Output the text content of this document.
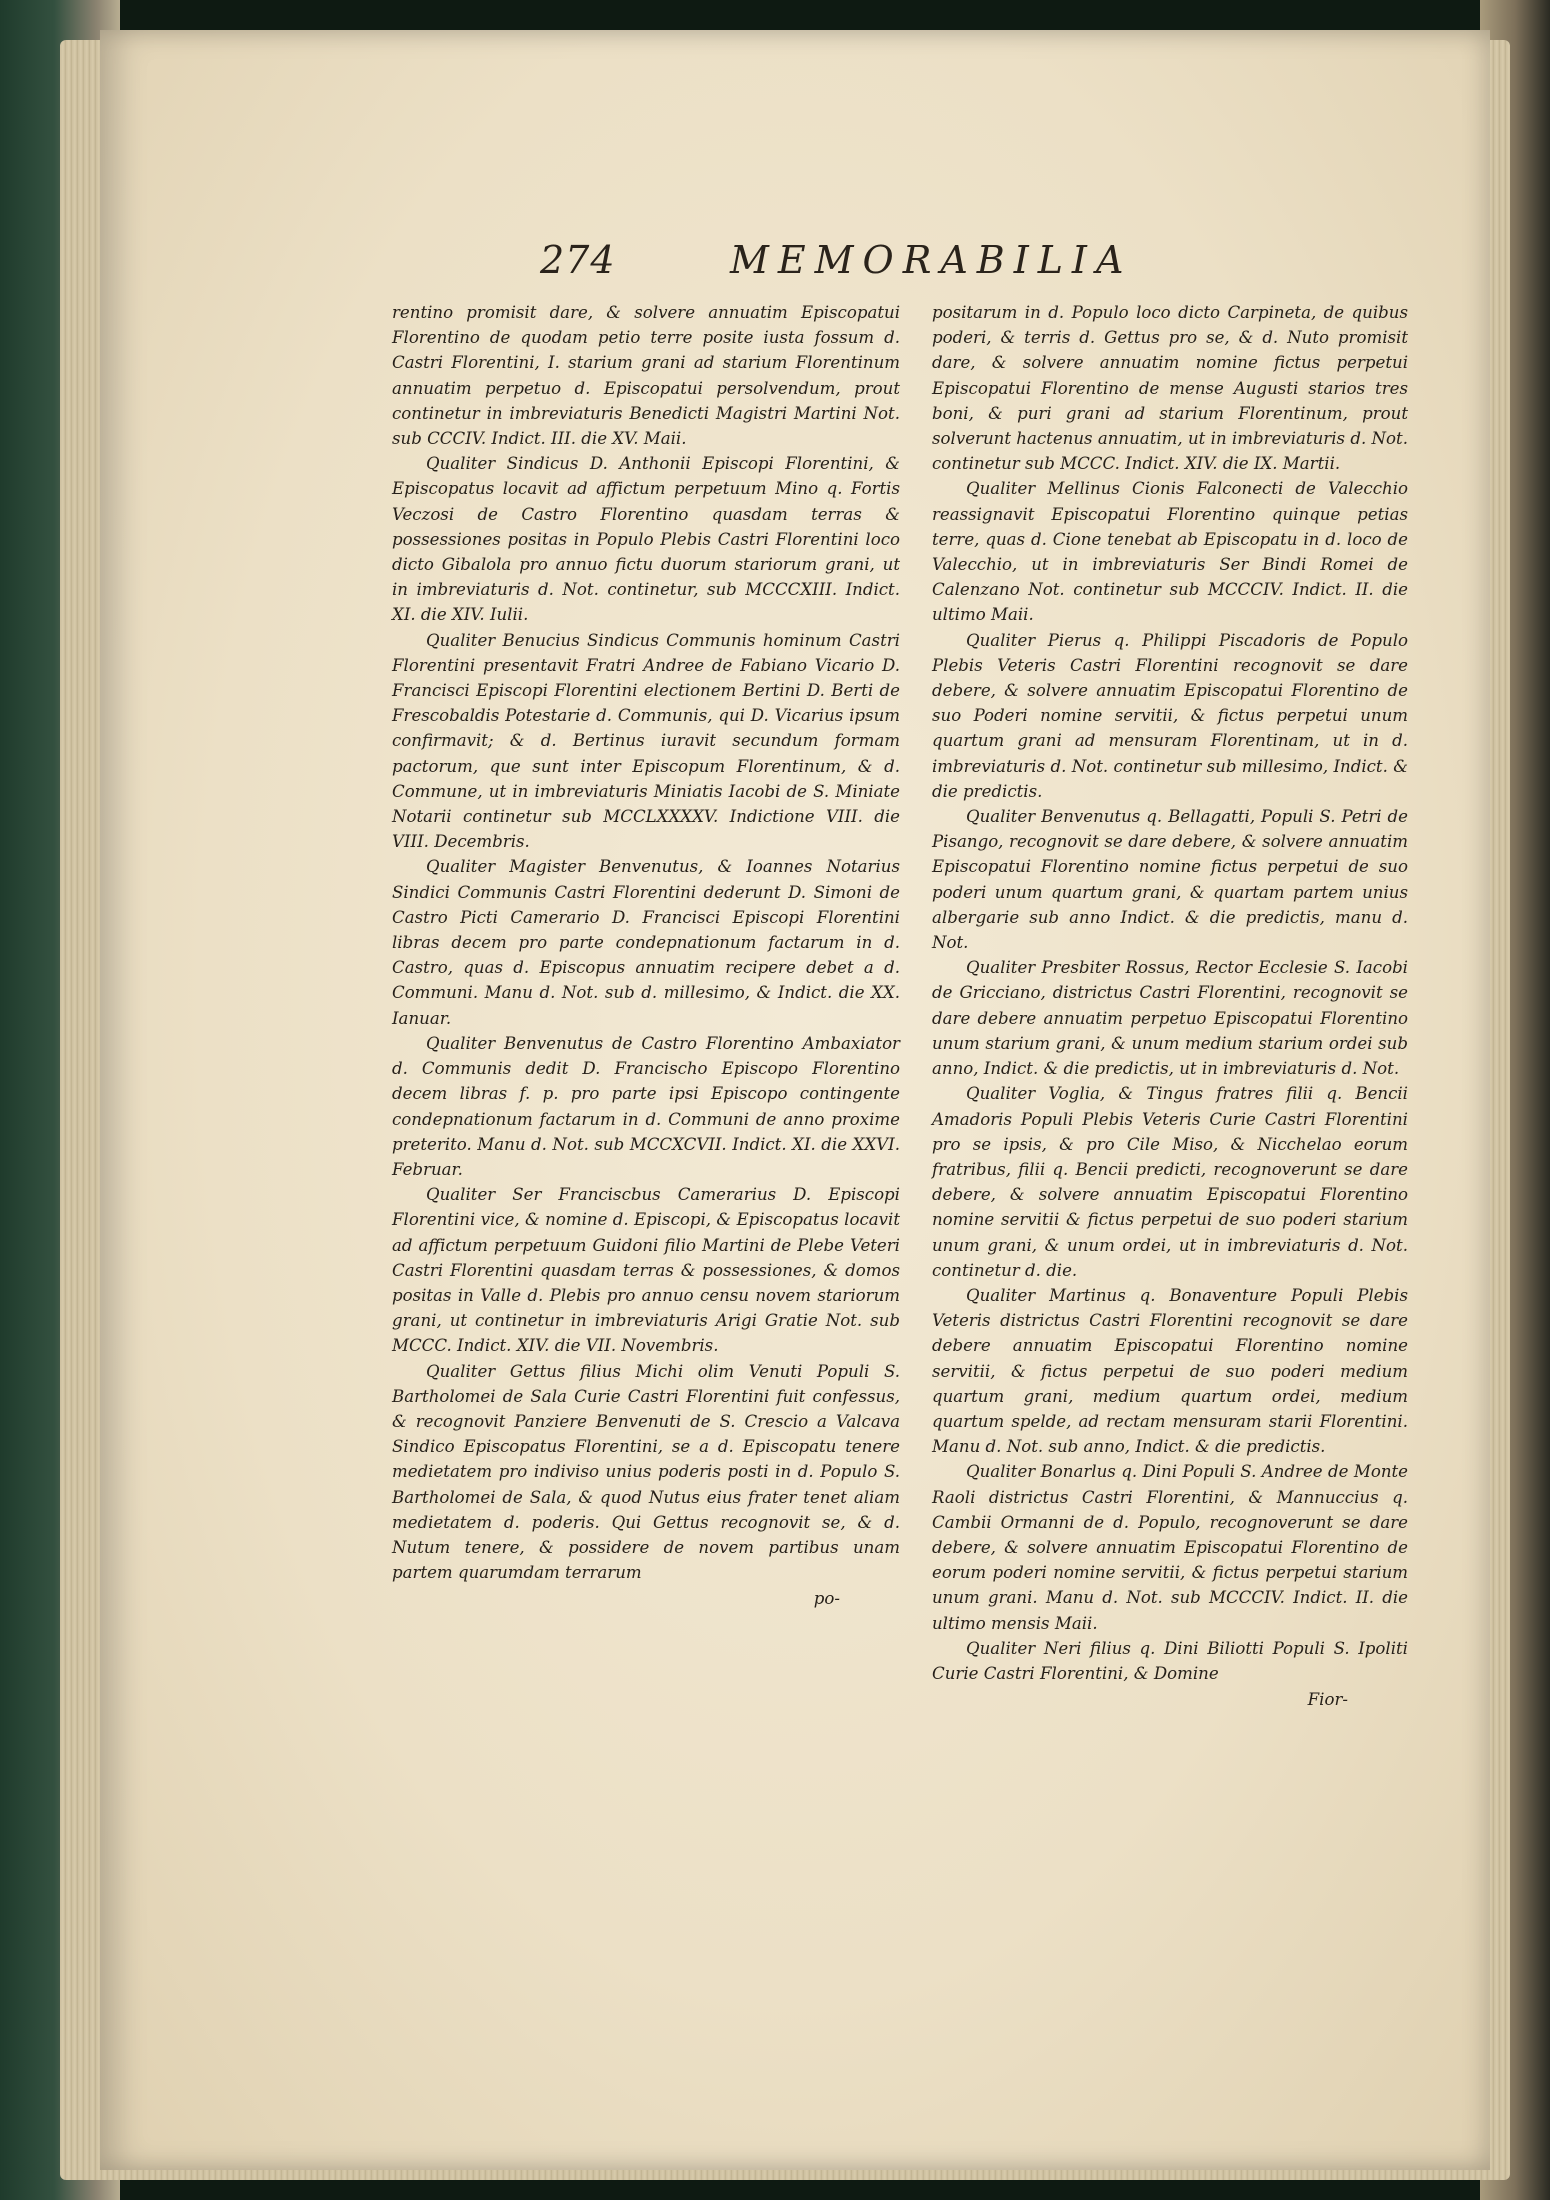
274	MEMORABILIA

rentino promisit dare, & solvere annuatim Episcopatui Florentino de quodam petio terre posite iusta fossum d. Castri Florentini, I. starium grani ad starium Florentinum annuatim perpetuo d. Episcopatui persolvendum, prout continetur in imbreviaturis Benedicti Magistri Martini Not. sub CCCIV. Indict. III. die XV. Maii.

Qualiter Sindicus D. Anthonii Episcopi Florentini, & Episcopatus locavit ad affictum perpetuum Mino q. Fortis Veczosi de Castro Florentino quasdam terras & possessiones positas in Populo Plebis Castri Florentini loco dicto Gibalola pro annuo fictu duorum stariorum grani, ut in imbreviaturis d. Not. continetur, sub MCCCXIII. Indict. XI. die XIV. Iulii.

Qualiter Benucius Sindicus Communis hominum Castri Florentini presentavit Fratri Andree de Fabiano Vicario D. Francisci Episcopi Florentini electionem Bertini D. Berti de Frescobaldis Potestarie d. Communis, qui D. Vicarius ipsum confirmavit; & d. Bertinus iuravit secundum formam pactorum, que sunt inter Episcopum Florentinum, & d. Commune, ut in imbreviaturis Miniatis Iacobi de S. Miniate Notarii continetur sub MCCLXXXXV. Indictione VIII. die VIII. Decembris.

Qualiter Magister Benvenutus, & Ioannes Notarius Sindici Communis Castri Florentini dederunt D. Simoni de Castro Picti Camerario D. Francisci Episcopi Florentini libras decem pro parte condepnationum factarum in d. Castro, quas d. Episcopus annuatim recipere debet a d. Communi. Manu d. Not. sub d. millesimo, & Indict. die XX. Ianuar.

Qualiter Benvenutus de Castro Florentino Ambaxiator d. Communis dedit D. Francischo Episcopo Florentino decem libras f. p. pro parte ipsi Episcopo contingente condepnationum factarum in d. Communi de anno proxime preterito. Manu d. Not. sub MCCXCVII. Indict. XI. die XXVI. Februar.

Qualiter Ser Franciscbus Camerarius D. Episcopi Florentini vice, & nomine d. Episcopi, & Episcopatus locavit ad affictum perpetuum Guidoni filio Martini de Plebe Veteri Castri Florentini quasdam terras & possessiones, & domos positas in Valle d. Plebis pro annuo censu novem stariorum grani, ut continetur in imbreviaturis Arigi Gratie Not. sub MCCC. Indict. XIV. die VII. Novembris.

Qualiter Gettus filius Michi olim Venuti Populi S. Bartholomei de Sala Curie Castri Florentini fuit confessus, & recognovit Panziere Benvenuti de S. Crescio a Valcava Sindico Episcopatus Florentini, se a d. Episcopatu tenere medietatem pro indiviso unius poderis posti in d. Populo S. Bartholomei de Sala, & quod Nutus eius frater tenet aliam medietatem d. poderis. Qui Gettus recognovit se, & d. Nutum tenere, & possidere de novem partibus unam partem quarumdam terrarum

po-

positarum in d. Populo loco dicto Carpineta, de quibus poderi, & terris d. Gettus pro se, & d. Nuto promisit dare, & solvere annuatim nomine fictus perpetui Episcopatui Florentino de mense Augusti starios tres boni, & puri grani ad starium Florentinum, prout solverunt hactenus annuatim, ut in imbreviaturis d. Not. continetur sub MCCC. Indict. XIV. die IX. Martii.

Qualiter Mellinus Cionis Falconecti de Valecchio reassignavit Episcopatui Florentino quinque petias terre, quas d. Cione tenebat ab Episcopatu in d. loco de Valecchio, ut in imbreviaturis Ser Bindi Romei de Calenzano Not. continetur sub MCCCIV. Indict. II. die ultimo Maii.

Qualiter Pierus q. Philippi Piscadoris de Populo Plebis Veteris Castri Florentini recognovit se dare debere, & solvere annuatim Episcopatui Florentino de suo Poderi nomine servitii, & fictus perpetui unum quartum grani ad mensuram Florentinam, ut in d. imbreviaturis d. Not. continetur sub millesimo, Indict. & die predictis.

Qualiter Benvenutus q. Bellagatti, Populi S. Petri de Pisango, recognovit se dare debere, & solvere annuatim Episcopatui Florentino nomine fictus perpetui de suo poderi unum quartum grani, & quartam partem unius albergarie sub anno Indict. & die predictis, manu d. Not.

Qualiter Presbiter Rossus, Rector Ecclesie S. Iacobi de Gricciano, districtus Castri Florentini, recognovit se dare debere annuatim perpetuo Episcopatui Florentino unum starium grani, & unum medium starium ordei sub anno, Indict. & die predictis, ut in imbreviaturis d. Not.

Qualiter Voglia, & Tingus fratres filii q. Bencii Amadoris Populi Plebis Veteris Curie Castri Florentini pro se ipsis, & pro Cile Miso, & Nicchelao eorum fratribus, filii q. Bencii predicti, recognoverunt se dare debere, & solvere annuatim Episcopatui Florentino nomine servitii & fictus perpetui de suo poderi starium unum grani, & unum ordei, ut in imbreviaturis d. Not. continetur d. die.

Qualiter Martinus q. Bonaventure Populi Plebis Veteris districtus Castri Florentini recognovit se dare debere annuatim Episcopatui Florentino nomine servitii, & fictus perpetui de suo poderi medium quartum grani, medium quartum ordei, medium quartum spelde, ad rectam mensuram starii Florentini. Manu d. Not. sub anno, Indict. & die predictis.

Qualiter Bonarlus q. Dini Populi S. Andree de Monte Raoli districtus Castri Florentini, & Mannuccius q. Cambii Ormanni de d. Populo, recognoverunt se dare debere, & solvere annuatim Episcopatui Florentino de eorum poderi nomine servitii, & fictus perpetui starium unum grani. Manu d. Not. sub MCCCIV. Indict. II. die ultimo mensis Maii.

Qualiter Neri filius q. Dini Biliotti Populi S. Ipoliti Curie Castri Florentini, & Domine

Fior-
